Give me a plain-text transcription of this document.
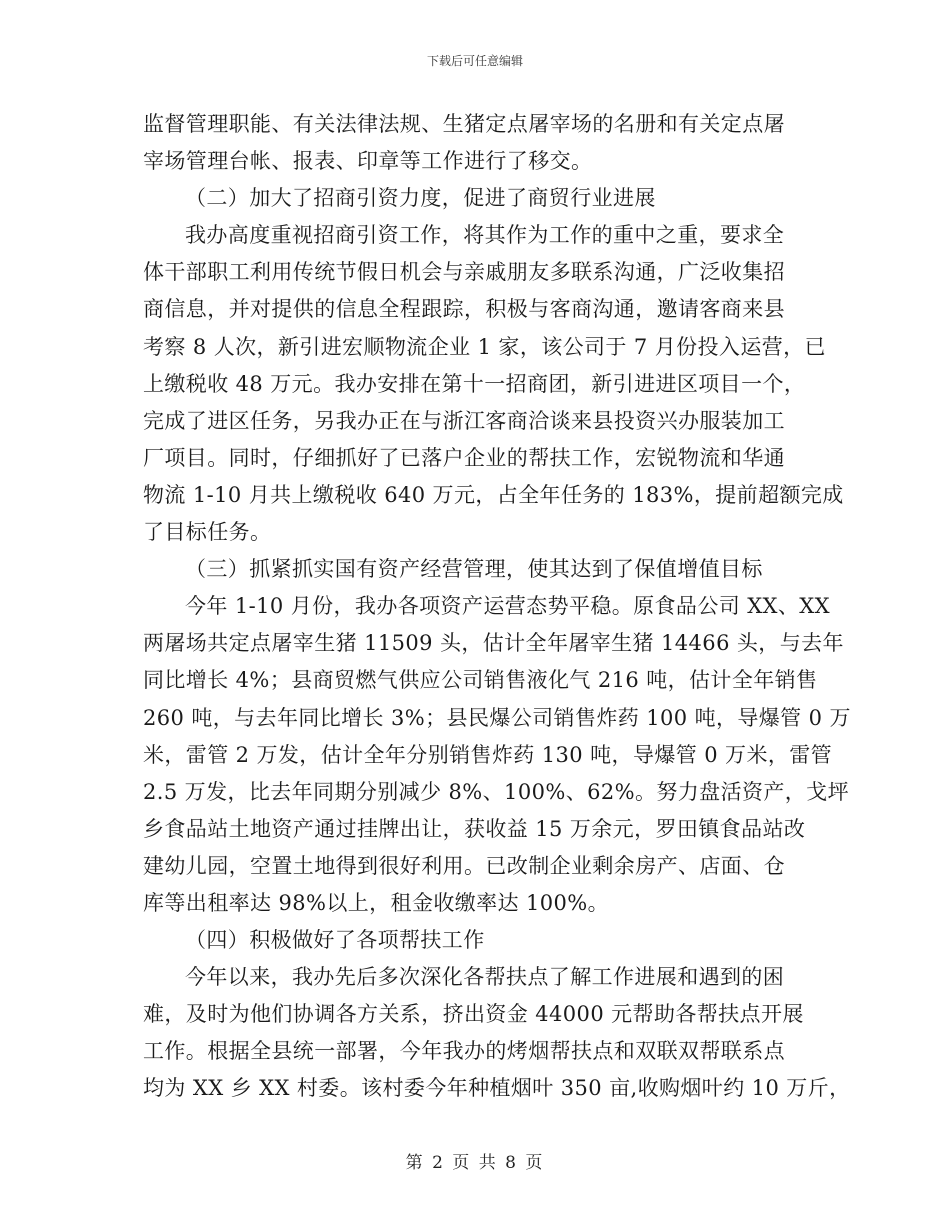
下载后可任意编辑
监督管理职能、有关法律法规、生猪定点屠宰场的名册和有关定点屠
宰场管理台帐、报表、印章等工作进行了移交。
（二）加大了招商引资力度，促进了商贸行业进展
我办高度重视招商引资工作，将其作为工作的重中之重，要求全
体干部职工利用传统节假日机会与亲戚朋友多联系沟通，广泛收集招
商信息，并对提供的信息全程跟踪，积极与客商沟通，邀请客商来县
考察 8 人次，新引进宏顺物流企业 1 家，该公司于 7 月份投入运营，已
上缴税收 48 万元。我办安排在第十一招商团，新引进进区项目一个，
完成了进区任务，另我办正在与浙江客商洽谈来县投资兴办服装加工
厂项目。同时，仔细抓好了已落户企业的帮扶工作，宏锐物流和华通
物流 1-10 月共上缴税收 640 万元，占全年任务的 183%，提前超额完成
了目标任务。
（三）抓紧抓实国有资产经营管理，使其达到了保值增值目标
今年 1-10 月份，我办各项资产运营态势平稳。原食品公司 XX、XX
两屠场共定点屠宰生猪 11509 头，估计全年屠宰生猪 14466 头，与去年
同比增长 4%；县商贸燃气供应公司销售液化气 216 吨，估计全年销售
260 吨，与去年同比增长 3%；县民爆公司销售炸药 100 吨，导爆管 0 万
米，雷管 2 万发，估计全年分别销售炸药 130 吨，导爆管 0 万米，雷管
2.5 万发，比去年同期分别减少 8%、100%、62%。努力盘活资产，戈坪
乡食品站土地资产通过挂牌出让，获收益 15 万余元，罗田镇食品站改
建幼儿园，空置土地得到很好利用。已改制企业剩余房产、店面、仓
库等出租率达 98%以上，租金收缴率达 100%。
（四）积极做好了各项帮扶工作
今年以来，我办先后多次深化各帮扶点了解工作进展和遇到的困
难，及时为他们协调各方关系，挤出资金 44000 元帮助各帮扶点开展
工作。根据全县统一部署，今年我办的烤烟帮扶点和双联双帮联系点
均为 XX 乡 XX 村委。该村委今年种植烟叶 350 亩,收购烟叶约 10 万斤，
第 2 页 共 8 页
